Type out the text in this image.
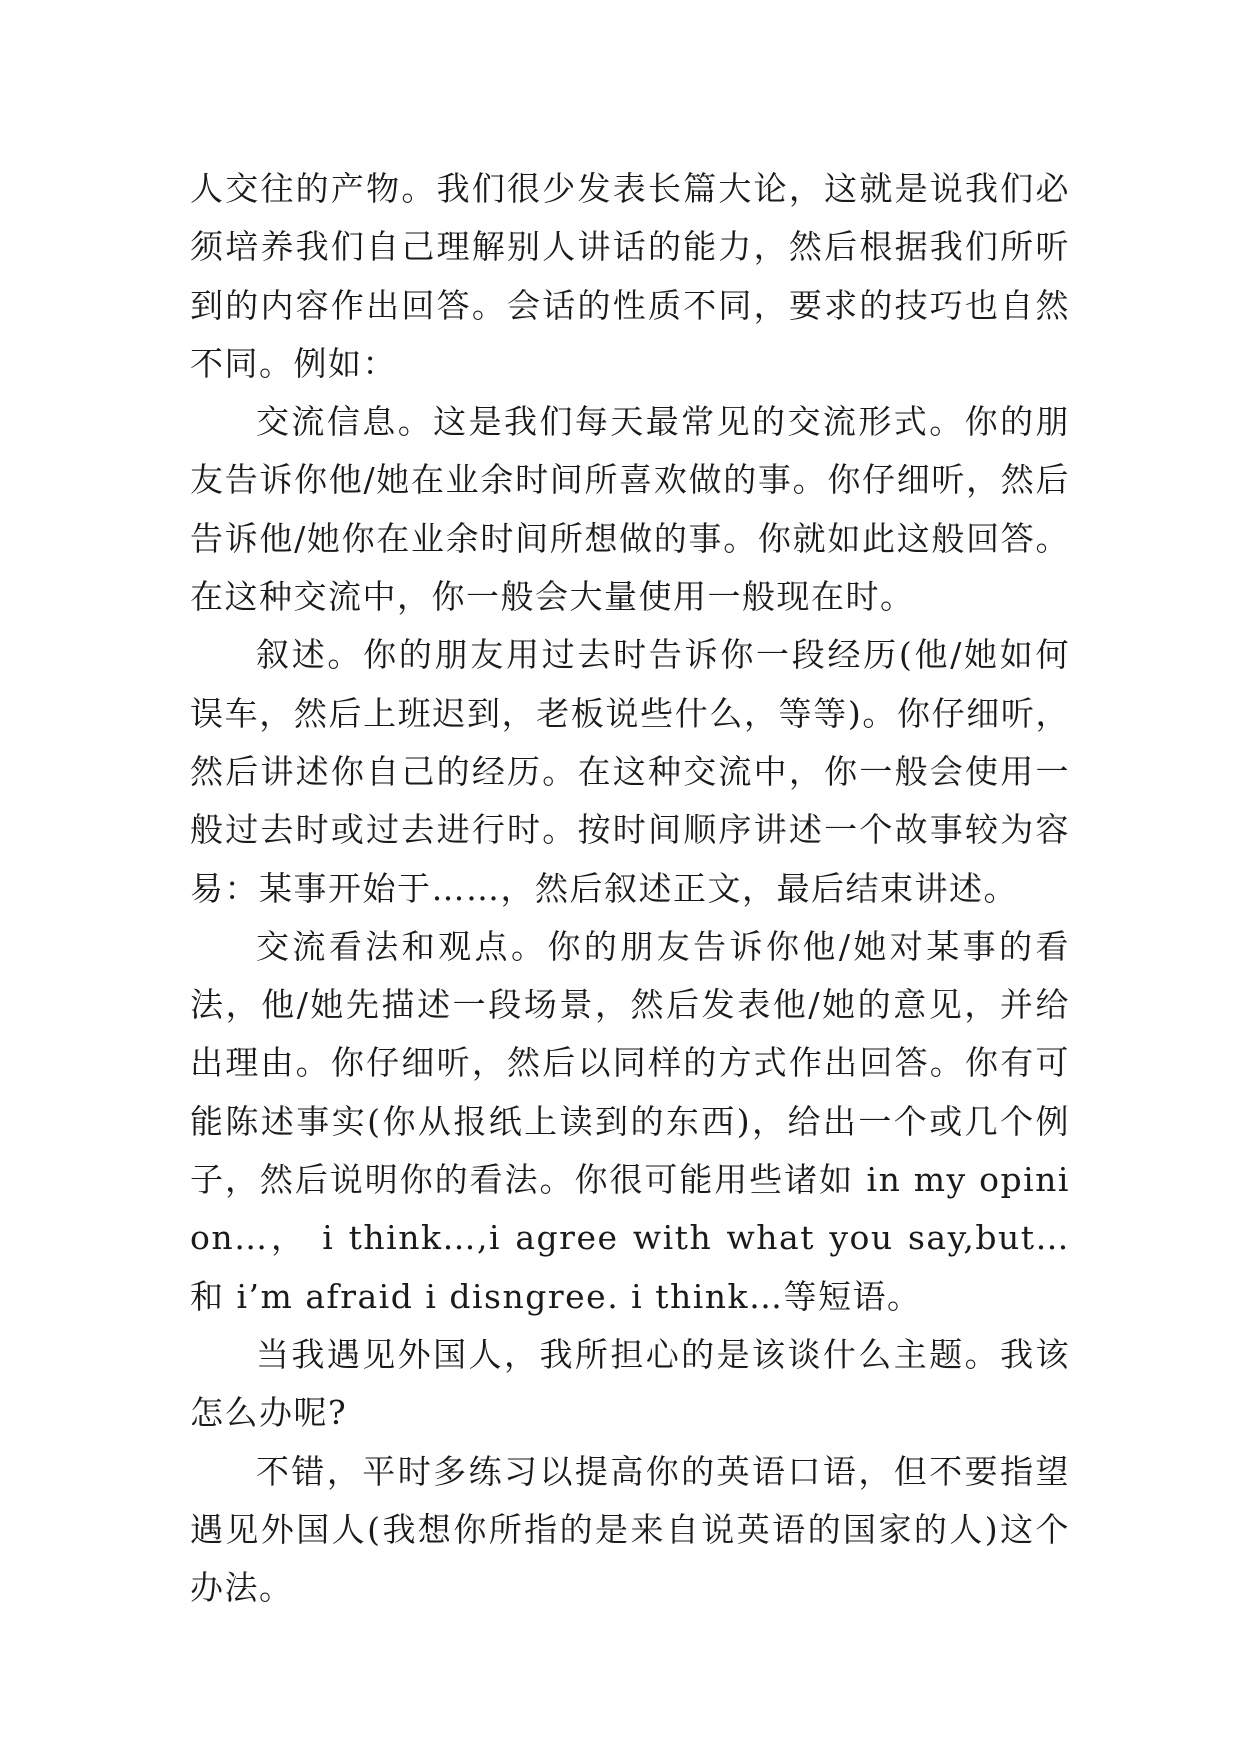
人交往的产物。我们很少发表长篇大论，这就是说我们必须培养我们自己理解别人讲话的能力，然后根据我们所听到的内容作出回答。会话的性质不同，要求的技巧也自然不同。例如：

交流信息。这是我们每天最常见的交流形式。你的朋友告诉你他/她在业余时间所喜欢做的事。你仔细听，然后告诉他/她你在业余时间所想做的事。你就如此这般回答。在这种交流中，你一般会大量使用一般现在时。

叙述。你的朋友用过去时告诉你一段经历(他/她如何误车，然后上班迟到，老板说些什么，等等)。你仔细听，然后讲述你自己的经历。在这种交流中，你一般会使用一般过去时或过去进行时。按时间顺序讲述一个故事较为容易：某事开始于……，然后叙述正文，最后结束讲述。

交流看法和观点。你的朋友告诉你他/她对某事的看法，他/她先描述一段场景，然后发表他/她的意见，并给出理由。你仔细听，然后以同样的方式作出回答。你有可能陈述事实(你从报纸上读到的东西)，给出一个或几个例子，然后说明你的看法。你很可能用些诸如 in my opinion…， i think…,i agree with what you say,but…和 i’m afraid i disngree. i think…等短语。

当我遇见外国人，我所担心的是该谈什么主题。我该怎么办呢?

不错，平时多练习以提高你的英语口语，但不要指望遇见外国人(我想你所指的是来自说英语的国家的人)这个办法。
